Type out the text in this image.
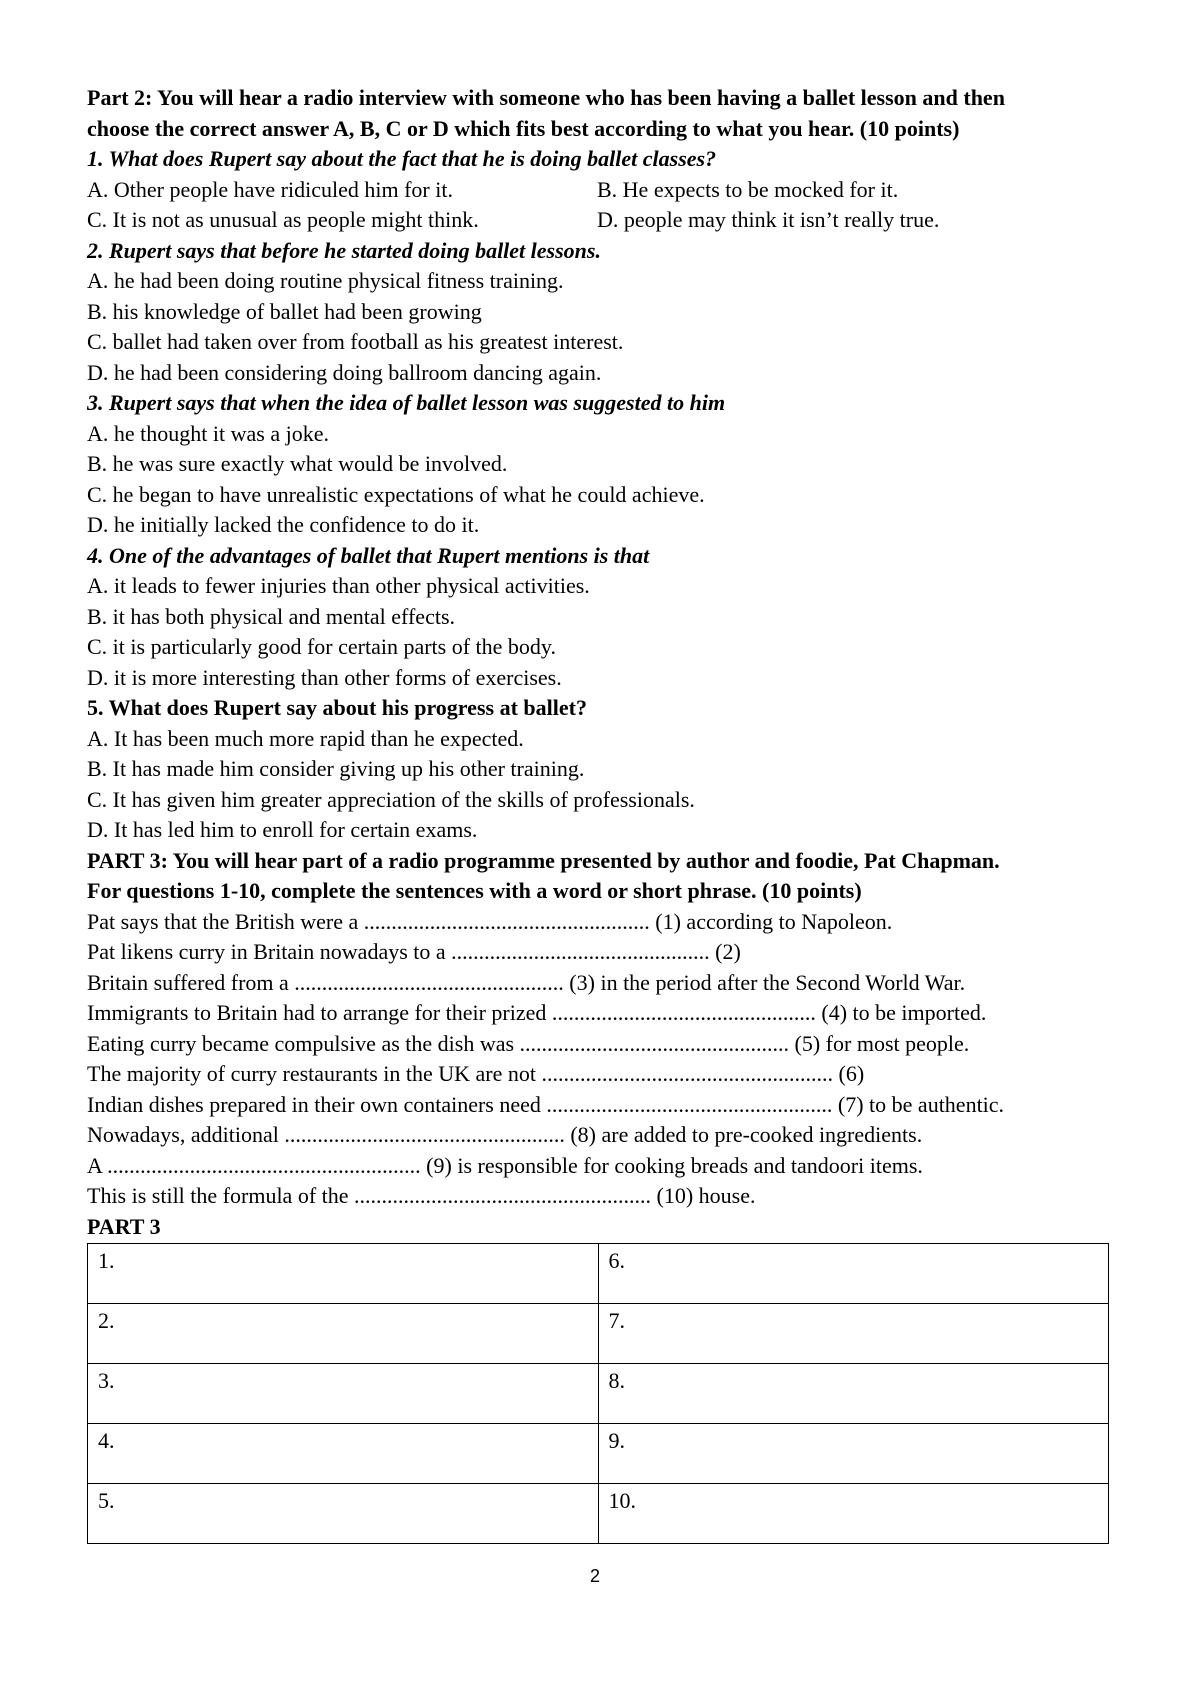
Part 2: You will hear a radio interview with someone who has been having a ballet lesson and then
choose the correct answer A, B, C or D which fits best according to what you hear. (10 points)
1. What does Rupert say about the fact that he is doing ballet classes?
A. Other people have ridiculed him for it.	B. He expects to be mocked for it.
C. It is not as unusual as people might think.	D. people may think it isn’t really true.
2. Rupert says that before he started doing ballet lessons.
A. he had been doing routine physical fitness training.
B. his knowledge of ballet had been growing
C. ballet had taken over from football as his greatest interest.
D. he had been considering doing ballroom dancing again.
3. Rupert says that when the idea of ballet lesson was suggested to him
A. he thought it was a joke.
B. he was sure exactly what would be involved.
C. he began to have unrealistic expectations of what he could achieve.
D. he initially lacked the confidence to do it.
4. One of the advantages of ballet that Rupert mentions is that
A. it leads to fewer injuries than other physical activities.
B. it has both physical and mental effects.
C. it is particularly good for certain parts of the body.
D. it is more interesting than other forms of exercises.
5. What does Rupert say about his progress at ballet?
A. It has been much more rapid than he expected.
B. It has made him consider giving up his other training.
C. It has given him greater appreciation of the skills of professionals.
D. It has led him to enroll for certain exams.
PART 3: You will hear part of a radio programme presented by author and foodie, Pat Chapman.
For questions 1-10, complete the sentences with a word or short phrase. (10 points)
Pat says that the British were a .................................................... (1) according to Napoleon.
Pat likens curry in Britain nowadays to a ............................................... (2)
Britain suffered from a ................................................. (3) in the period after the Second World War.
Immigrants to Britain had to arrange for their prized ................................................ (4) to be imported.
Eating curry became compulsive as the dish was ................................................. (5) for most people.
The majority of curry restaurants in the UK are not ..................................................... (6)
Indian dishes prepared in their own containers need .................................................... (7) to be authentic.
Nowadays, additional ................................................... (8) are added to pre-cooked ingredients.
A ......................................................... (9) is responsible for cooking breads and tandoori items.
This is still the formula of the ...................................................... (10) house.
PART 3
1.	6.
2.	7.
3.	8.
4.	9.
5.	10.
2
